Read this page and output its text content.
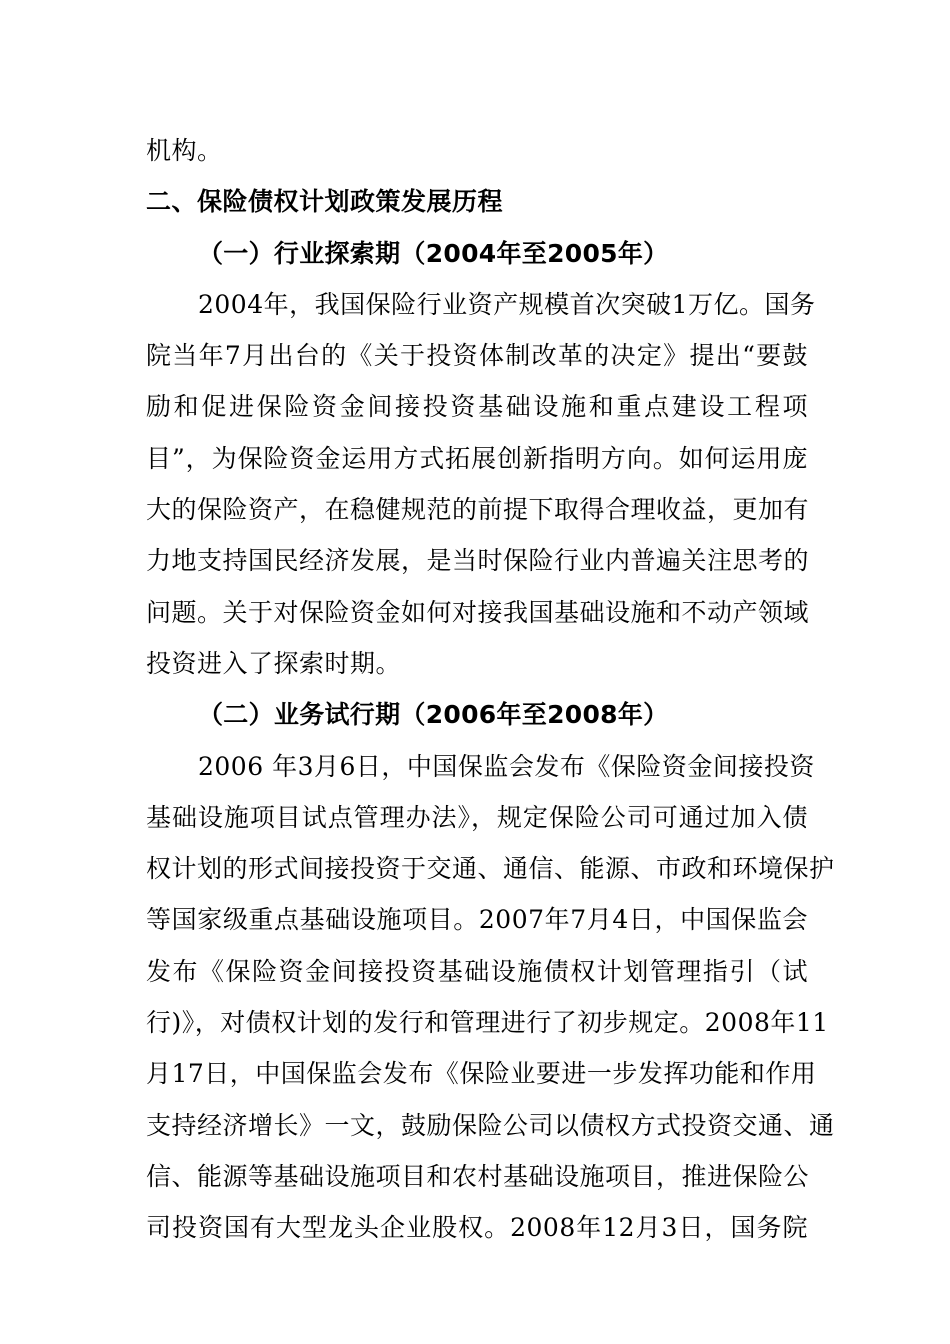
机构。
二、保险债权计划政策发展历程
（一）行业探索期（2004年至2005年）
2004年，我国保险行业资产规模首次突破1万亿。国务
院当年7月出台的《关于投资体制改革的决定》提出“要鼓
励和促进保险资金间接投资基础设施和重点建设工程项
目”，为保险资金运用方式拓展创新指明方向。如何运用庞
大的保险资产，在稳健规范的前提下取得合理收益，更加有
力地支持国民经济发展，是当时保险行业内普遍关注思考的
问题。关于对保险资金如何对接我国基础设施和不动产领域
投资进入了探索时期。
（二）业务试行期（2006年至2008年）
2006 年3月6日，中国保监会发布《保险资金间接投资
基础设施项目试点管理办法》，规定保险公司可通过加入债
权计划的形式间接投资于交通、通信、能源、市政和环境保护
等国家级重点基础设施项目。2007年7月4日，中国保监会
发布《保险资金间接投资基础设施债权计划管理指引（试
行)》，对债权计划的发行和管理进行了初步规定。2008年11
月17日，中国保监会发布《保险业要进一步发挥功能和作用
支持经济增长》一文，鼓励保险公司以债权方式投资交通、通
信、能源等基础设施项目和农村基础设施项目，推进保险公
司投资国有大型龙头企业股权。2008年12月3日，国务院
